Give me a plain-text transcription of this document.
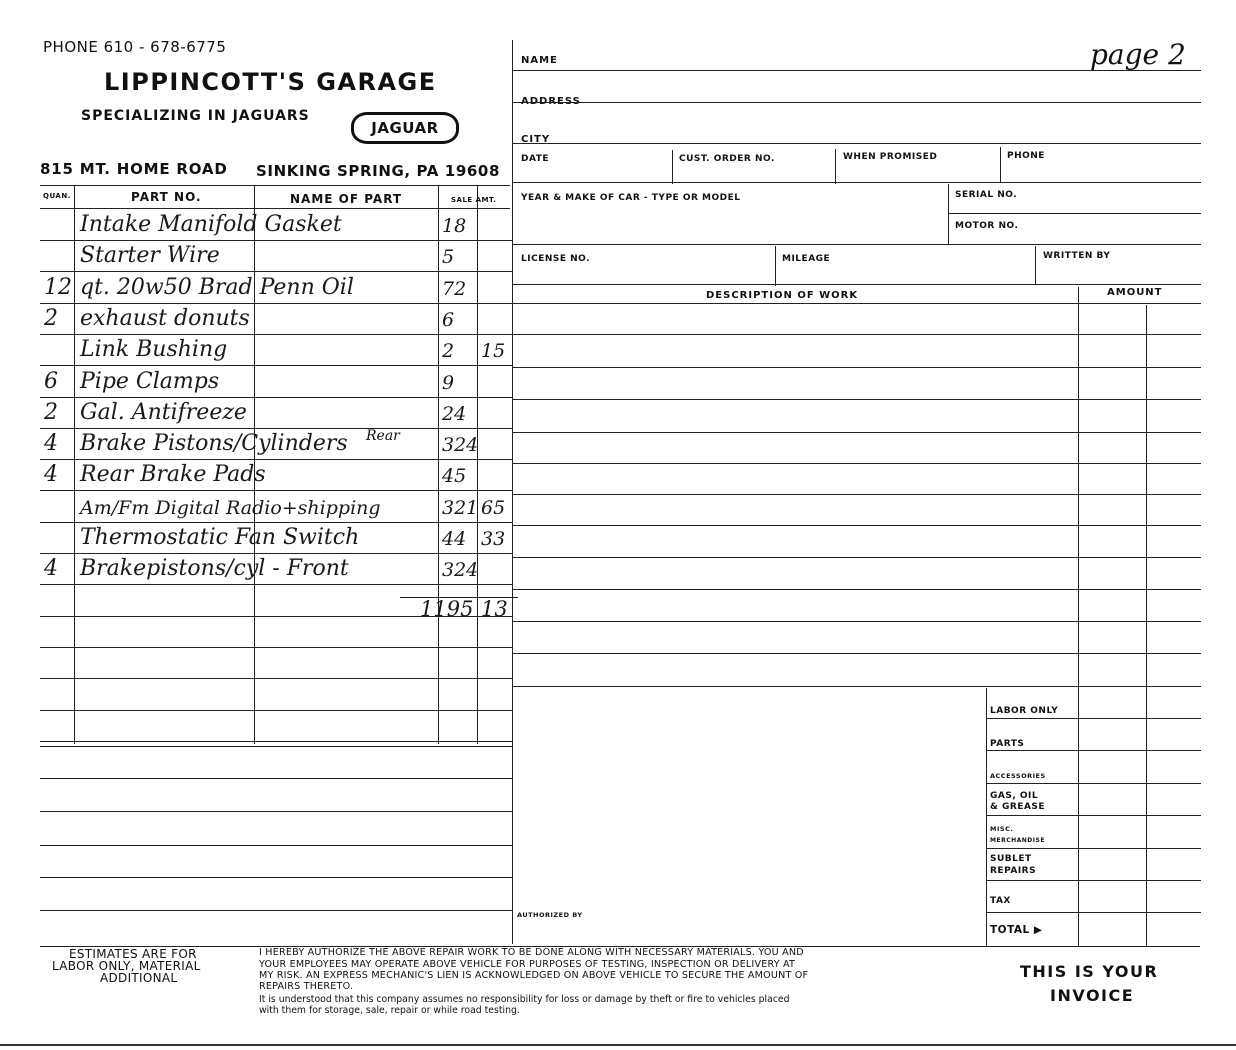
PHONE 610 - 678-6775
LIPPINCOTT'S GARAGE
SPECIALIZING IN JAGUARS
JAGUAR
815 MT. HOME ROAD SINKING SPRING, PA 19608
QUAN.	PART NO.	NAME OF PART	SALE AMT.
Intake Manifold Gasket	18
Starter Wire	5
12 qt. 20w50 Brad Penn Oil	72
2 exhaust donuts	6
Link Bushing	2 15
6 Pipe Clamps	9
2 Gal. Antifreeze	24
4 Brake Pistons/Cylinders	324
4 Rear Brake Pads	45
Am/Fm Digital Radio+shipping	321 65
Thermostatic Fan Switch	44 33
4 Brakepistons/cyl - Front	324
Rear
1195 13
NAME	page 2
ADDRESS
CITY
DATE	CUST. ORDER NO.	WHEN PROMISED	PHONE
YEAR & MAKE OF CAR - TYPE OR MODEL	SERIAL NO.
MOTOR NO.
LICENSE NO.	MILEAGE	WRITTEN BY
DESCRIPTION OF WORK	AMOUNT
LABOR ONLY
PARTS
ACCESSORIES
GAS, OIL
& GREASE
MISC.
MERCHANDISE
SUBLET
REPAIRS
TAX
TOTAL ▶
AUTHORIZED BY
ESTIMATES ARE FOR
LABOR ONLY, MATERIAL
ADDITIONAL
I HEREBY AUTHORIZE THE ABOVE REPAIR WORK TO BE DONE ALONG WITH NECESSARY MATERIALS. YOU AND
YOUR EMPLOYEES MAY OPERATE ABOVE VEHICLE FOR PURPOSES OF TESTING, INSPECTION OR DELIVERY AT
MY RISK. AN EXPRESS MECHANIC'S LIEN IS ACKNOWLEDGED ON ABOVE VEHICLE TO SECURE THE AMOUNT OF
REPAIRS THERETO.
It is understood that this company assumes no responsibility for loss or damage by theft or fire to vehicles placed
with them for storage, sale, repair or while road testing.
THIS IS YOUR
INVOICE
